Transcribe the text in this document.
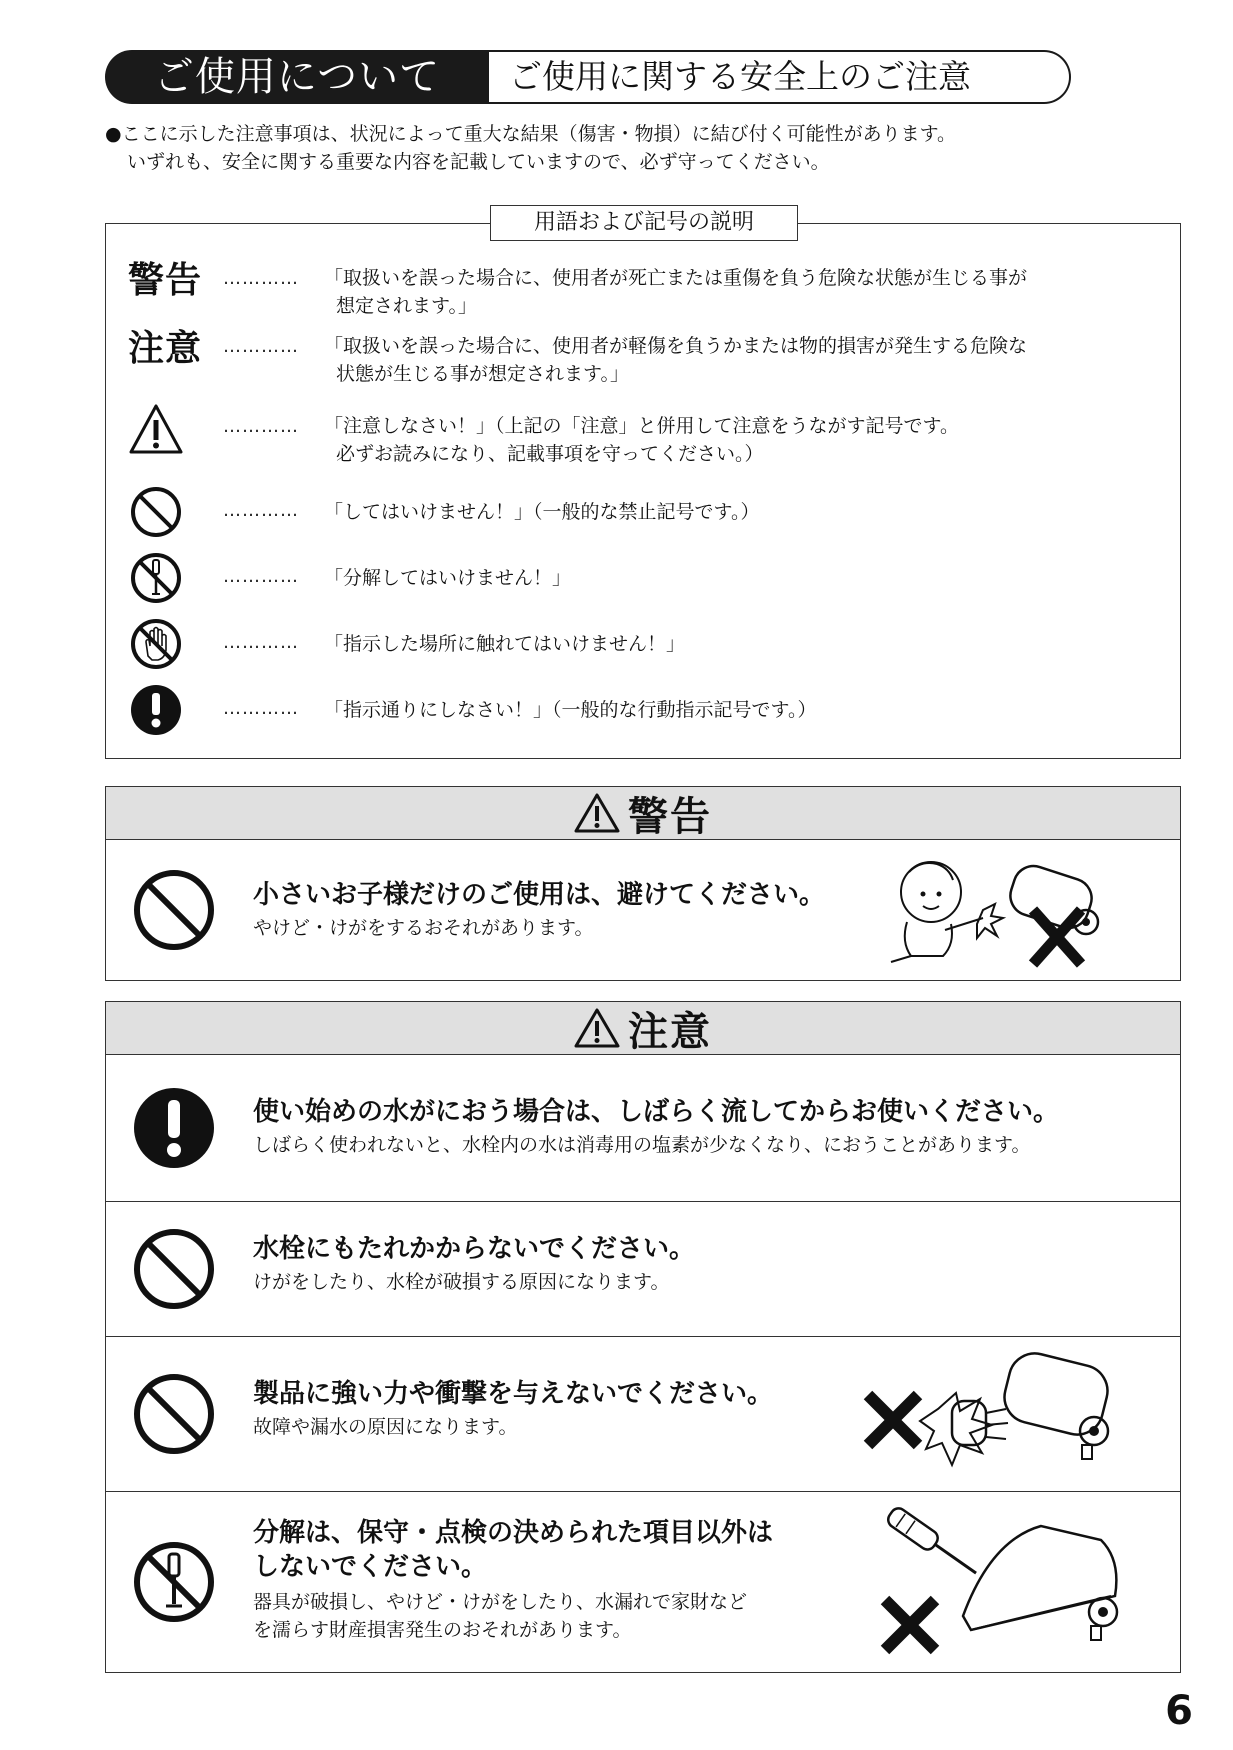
ご使用について	ご使用に関する安全上のご注意
●ここに示した注意事項は、状況によって重大な結果（傷害・物損）に結び付く可能性があります。
いずれも、安全に関する重要な内容を記載していますので、必ず守ってください。
警告 ………… 「取扱いを誤った場合に、使用者が死亡または重傷を負う危険な状態が生じる事が
想定されます。」
注意 ………… 「取扱いを誤った場合に、使用者が軽傷を負うかまたは物的損害が発生する危険な
状態が生じる事が想定されます。」
………… 「注意しなさい！」（上記の「注意」と併用して注意をうながす記号です。
必ずお読みになり、記載事項を守ってください。）
………… 「してはいけません！」（一般的な禁止記号です。）
………… 「分解してはいけません！」
………… 「指示した場所に触れてはいけません！」
………… 「指示通りにしなさい！」（一般的な行動指示記号です。）
用語および記号の説明
警告
小さいお子様だけのご使用は、避けてください。
やけど・けがをするおそれがあります。
注意
使い始めの水がにおう場合は、しばらく流してからお使いください。
しばらく使われないと、水栓内の水は消毒用の塩素が少なくなり、におうことがあります。
水栓にもたれかからないでください。
けがをしたり、水栓が破損する原因になります。
製品に強い力や衝撃を与えないでください。
故障や漏水の原因になります。
分解は、保守・点検の決められた項目以外は
しないでください。
器具が破損し、やけど・けがをしたり、水漏れで家財など
を濡らす財産損害発生のおそれがあります。
6
